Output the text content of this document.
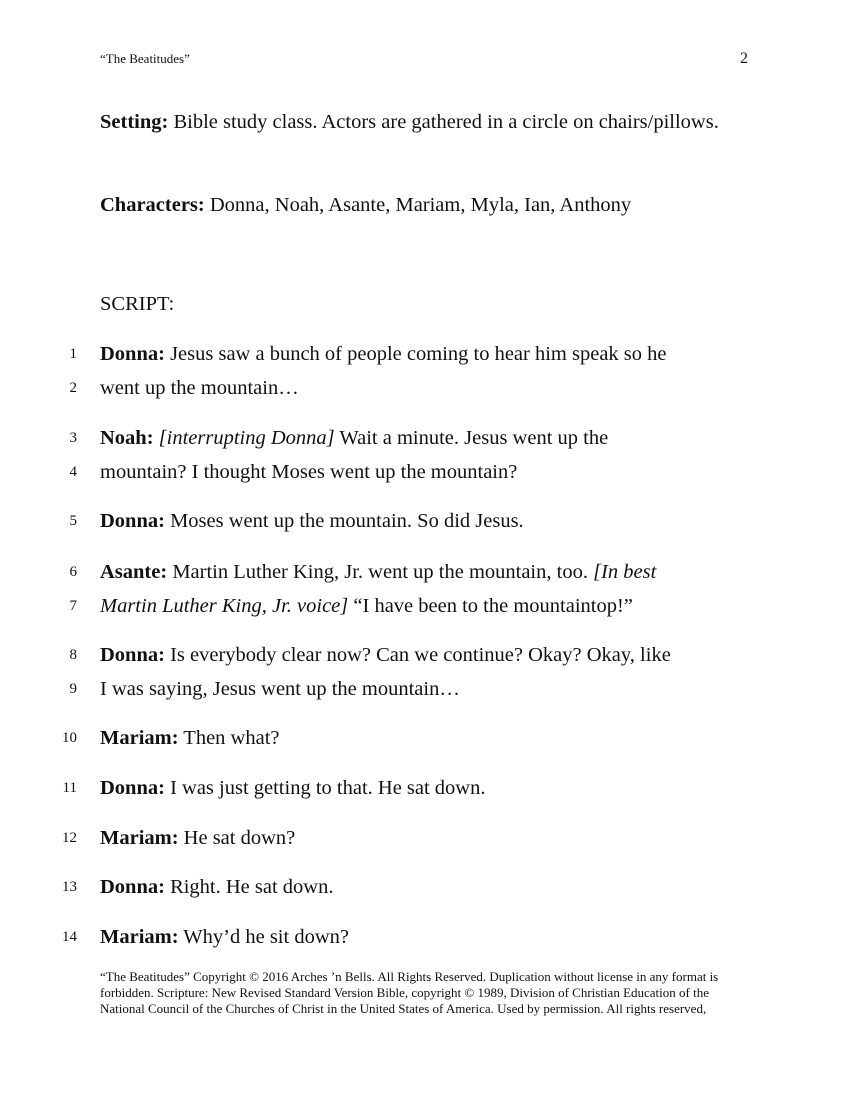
“The Beatitudes”	2
Setting: Bible study class. Actors are gathered in a circle on chairs/pillows.
Characters: Donna, Noah, Asante, Mariam, Myla, Ian, Anthony
SCRIPT:
1 Donna: Jesus saw a bunch of people coming to hear him speak so he
2 went up the mountain…
3 Noah: [interrupting Donna] Wait a minute. Jesus went up the
4 mountain? I thought Moses went up the mountain?
5 Donna: Moses went up the mountain. So did Jesus.
6 Asante: Martin Luther King, Jr. went up the mountain, too. [In best
7 Martin Luther King, Jr. voice] “I have been to the mountaintop!”
8 Donna: Is everybody clear now? Can we continue? Okay? Okay, like
9 I was saying, Jesus went up the mountain…
10 Mariam: Then what?
11 Donna: I was just getting to that. He sat down.
12 Mariam: He sat down?
13 Donna: Right. He sat down.
14 Mariam: Why’d he sit down?
“The Beatitudes” Copyright © 2016 Arches ’n Bells. All Rights Reserved. Duplication without license in any format is forbidden. Scripture: New Revised Standard Version Bible, copyright © 1989, Division of Christian Education of the National Council of the Churches of Christ in the United States of America. Used by permission. All rights reserved,
